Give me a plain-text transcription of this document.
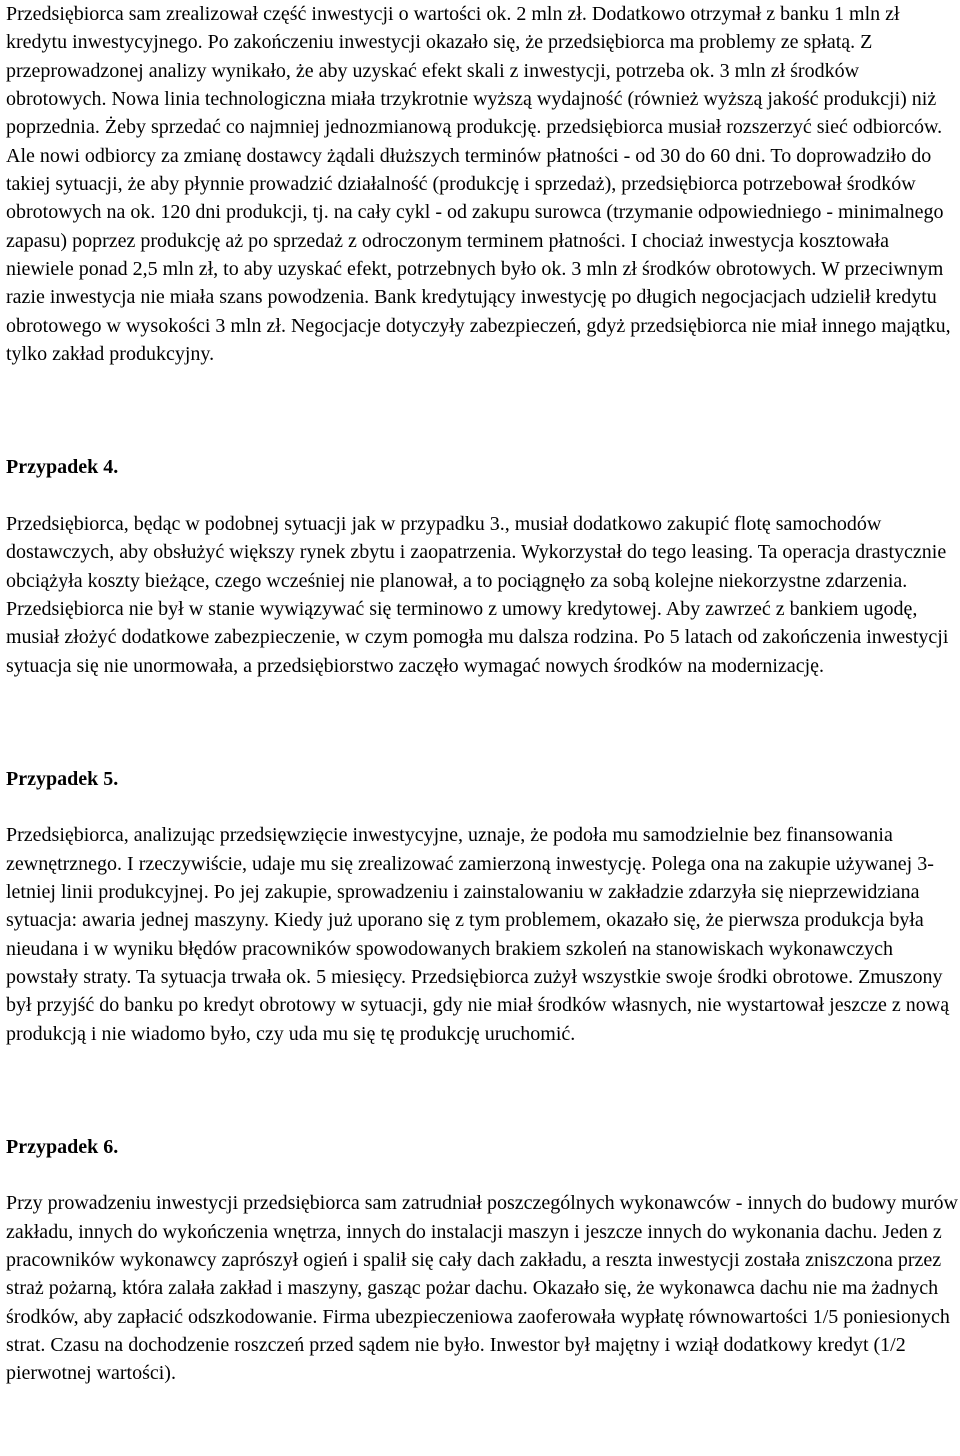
Przedsiębiorca sam zrealizował część inwestycji o wartości ok. 2 mln zł. Dodatkowo otrzymał z banku 1 mln zł kredytu inwestycyjnego. Po zakończeniu inwestycji okazało się, że przedsiębiorca ma problemy ze spłatą. Z przeprowadzonej analizy wynikało, że aby uzyskać efekt skali z inwestycji, potrzeba ok. 3 mln zł środków obrotowych. Nowa linia technologiczna miała trzykrotnie wyższą wydajność (również wyższą jakość produkcji) niż poprzednia. Żeby sprzedać co najmniej jednozmianową produkcję. przedsiębiorca musiał rozszerzyć sieć odbiorców. Ale nowi odbiorcy za zmianę dostawcy żądali dłuższych terminów płatności - od 30 do 60 dni. To doprowadziło do takiej sytuacji, że aby płynnie prowadzić działalność (produkcję i sprzedaż), przedsiębiorca potrzebował środków obrotowych na ok. 120 dni produkcji, tj. na cały cykl - od zakupu surowca (trzymanie odpowiedniego - minimalnego zapasu) poprzez produkcję aż po sprzedaż z odroczonym terminem płatności. I chociaż inwestycja kosztowała niewiele ponad 2,5 mln zł, to aby uzyskać efekt, potrzebnych było ok. 3 mln zł środków obrotowych. W przeciwnym razie inwestycja nie miała szans powodzenia. Bank kredytujący inwestycję po długich negocjacjach udzielił kredytu obrotowego w wysokości 3 mln zł. Negocjacje dotyczyły zabezpieczeń, gdyż przedsiębiorca nie miał innego majątku, tylko zakład produkcyjny.

Przypadek 4.

Przedsiębiorca, będąc w podobnej sytuacji jak w przypadku 3., musiał dodatkowo zakupić flotę samochodów dostawczych, aby obsłużyć większy rynek zbytu i zaopatrzenia. Wykorzystał do tego leasing. Ta operacja drastycznie obciążyła koszty bieżące, czego wcześniej nie planował, a to pociągnęło za sobą kolejne niekorzystne zdarzenia. Przedsiębiorca nie był w stanie wywiązywać się terminowo z umowy kredytowej. Aby zawrzeć z bankiem ugodę, musiał złożyć dodatkowe zabezpieczenie, w czym pomogła mu dalsza rodzina. Po 5 latach od zakończenia inwestycji sytuacja się nie unormowała, a przedsiębiorstwo zaczęło wymagać nowych środków na modernizację.

Przypadek 5.

Przedsiębiorca, analizując przedsięwzięcie inwestycyjne, uznaje, że podoła mu samodzielnie bez finansowania zewnętrznego. I rzeczywiście, udaje mu się zrealizować zamierzoną inwestycję. Polega ona na zakupie używanej 3-letniej linii produkcyjnej. Po jej zakupie, sprowadzeniu i zainstalowaniu w zakładzie zdarzyła się nieprzewidziana sytuacja: awaria jednej maszyny. Kiedy już uporano się z tym problemem, okazało się, że pierwsza produkcja była nieudana i w wyniku błędów pracowników spowodowanych brakiem szkoleń na stanowiskach wykonawczych powstały straty. Ta sytuacja trwała ok. 5 miesięcy. Przedsiębiorca zużył wszystkie swoje środki obrotowe. Zmuszony był przyjść do banku po kredyt obrotowy w sytuacji, gdy nie miał środków własnych, nie wystartował jeszcze z nową produkcją i nie wiadomo było, czy uda mu się tę produkcję uruchomić.

Przypadek 6.

Przy prowadzeniu inwestycji przedsiębiorca sam zatrudniał poszczególnych wykonawców - innych do budowy murów zakładu, innych do wykończenia wnętrza, innych do instalacji maszyn i jeszcze innych do wykonania dachu. Jeden z pracowników wykonawcy zaprószył ogień i spalił się cały dach zakładu, a reszta inwestycji została zniszczona przez straż pożarną, która zalała zakład i maszyny, gasząc pożar dachu. Okazało się, że wykonawca dachu nie ma żadnych środków, aby zapłacić odszkodowanie. Firma ubezpieczeniowa zaoferowała wypłatę równowartości 1/5 poniesionych strat. Czasu na dochodzenie roszczeń przed sądem nie było. Inwestor był majętny i wziął dodatkowy kredyt (1/2 pierwotnej wartości).
